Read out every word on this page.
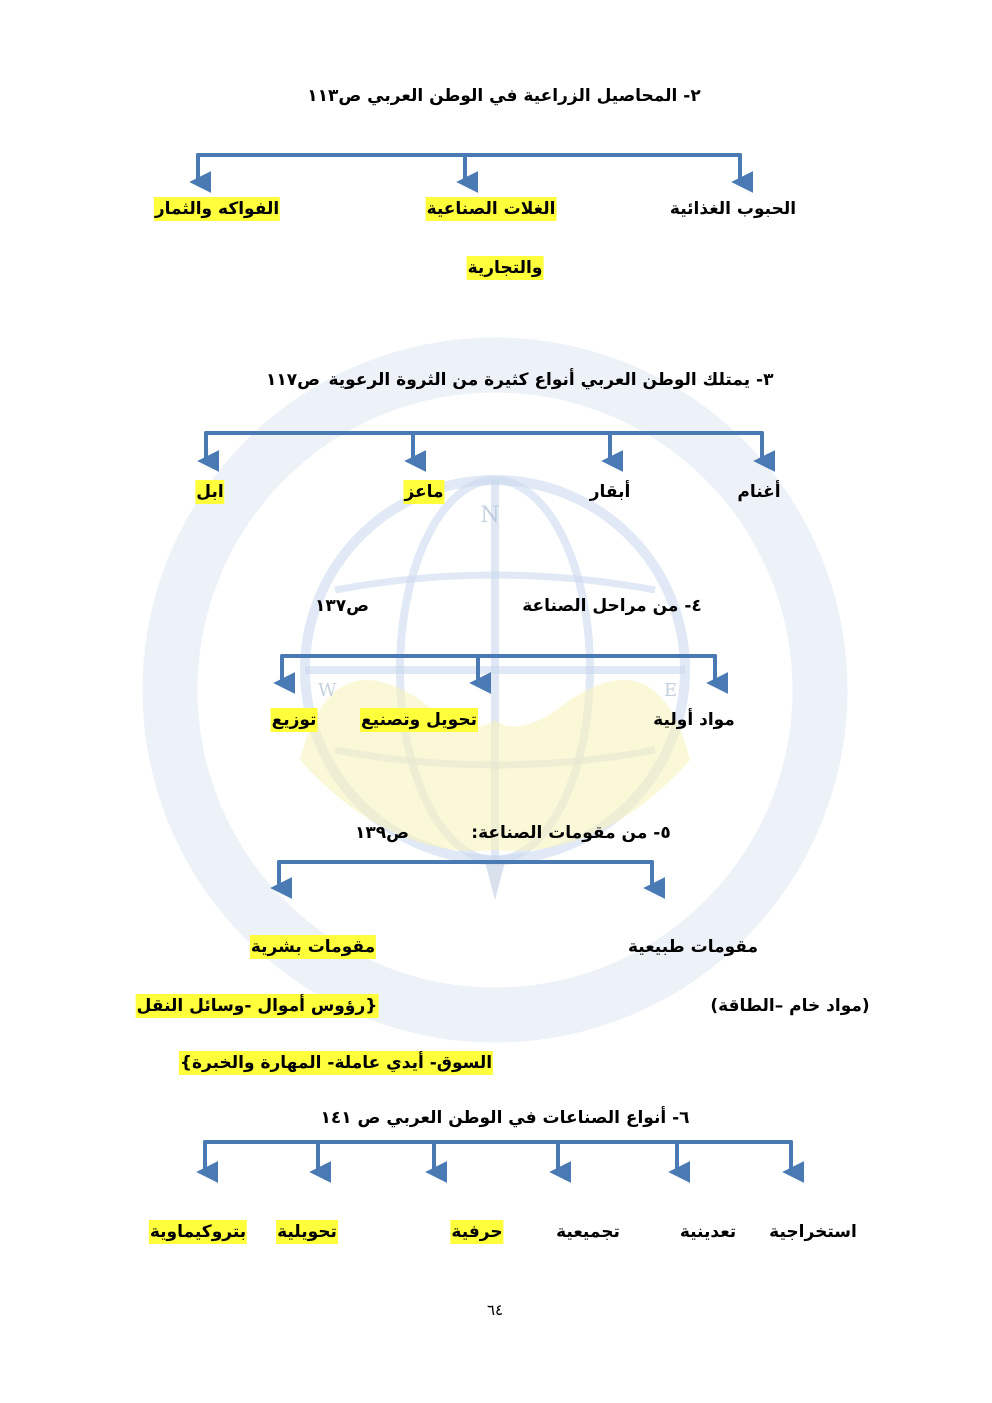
N
W	E
٢- المحاصيل الزراعية في الوطن العربي ص١١٣
الحبوب الغذائية
الغلات الصناعية
والتجارية
الفواكه والثمار
٣- يمتلك الوطن العربي أنواع كثيرة من الثروة الرعوية
ص١١٧
أغنام
أبقار
ماعز
ابل
٤- من مراحل الصناعة
ص١٣٧
مواد أولية
تحويل وتصنيع
توزيع
٥- من مقومات الصناعة:
ص١٣٩
مقومات طبيعية
مقومات بشرية
(مواد خام –الطاقة)
{رؤوس أموال -وسائل النقل
السوق- أيدي عاملة- المهارة والخبرة}
٦- أنواع الصناعات في الوطن العربي ص ١٤١
استخراجية
تعدينية
تجميعية
حرفية
تحويلية
بتروكيماوية
٦٤
